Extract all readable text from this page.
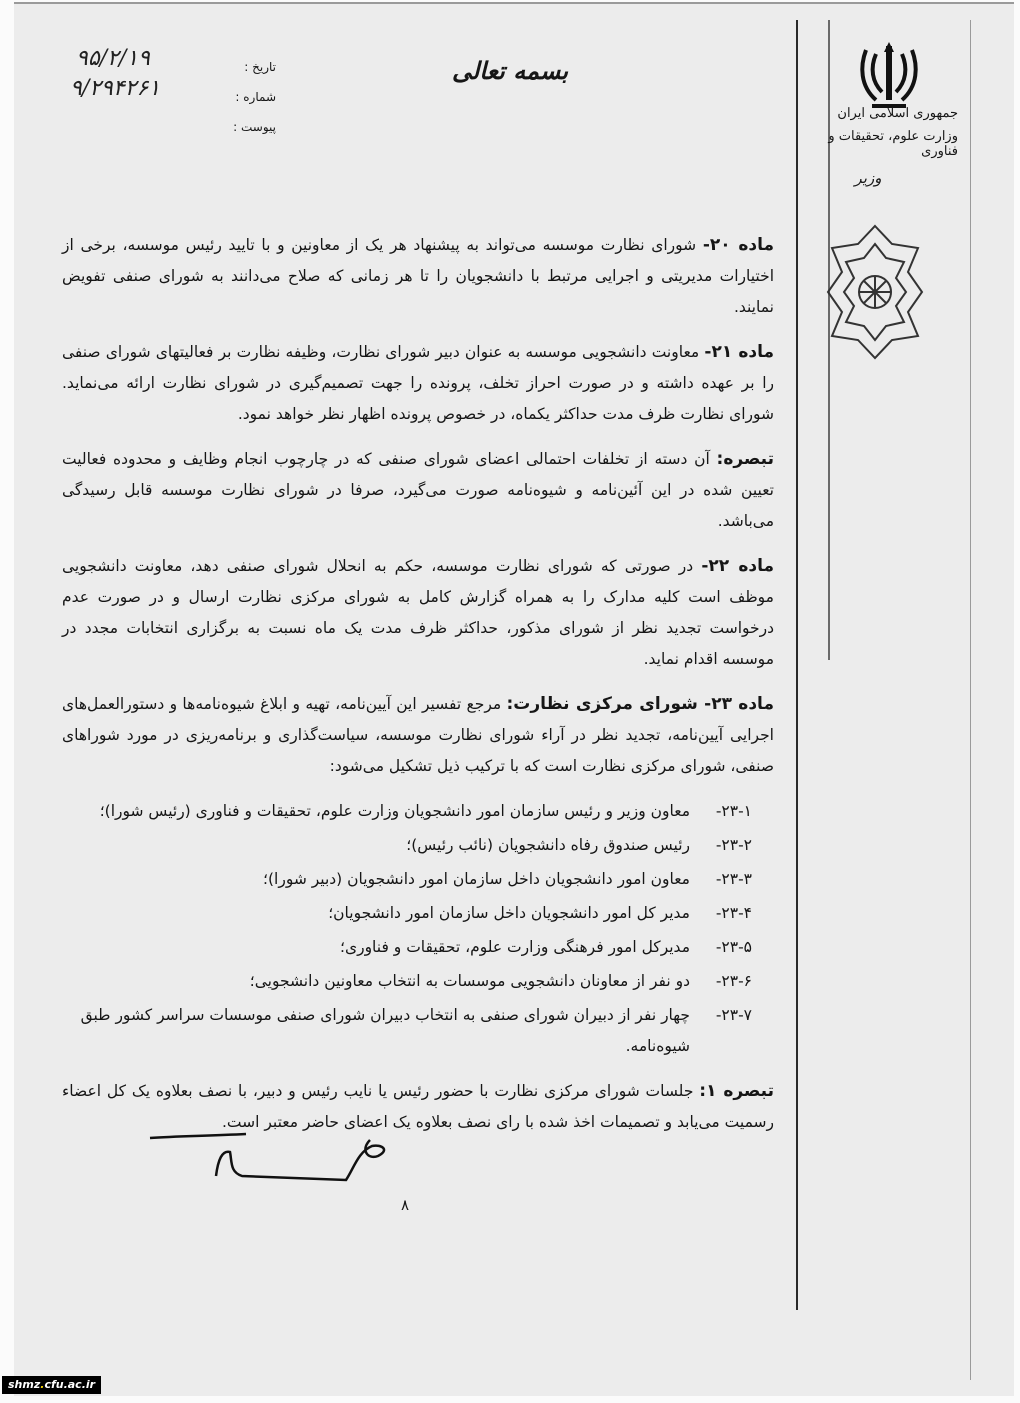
جمهوری اسلامی ایران
وزارت علوم، تحقیقات و فناوری
وزیر
بسمه تعالی
تاریخ :
۹۵/۲/۱۹
شماره :
۹/۲۹۴۲۶۱
پیوست :

ماده ۲۰- شورای نظارت موسسه می‌تواند به پیشنهاد هر یک از معاونین و با تایید رئیس موسسه، برخی از اختیارات مدیریتی و اجرایی مرتبط با دانشجویان را تا هر زمانی که صلاح می‌دانند به شورای صنفی تفویض نمایند.

ماده ۲۱- معاونت دانشجویی موسسه به عنوان دبیر شورای نظارت، وظیفه نظارت بر فعالیتهای شورای صنفی را بر عهده داشته و در صورت احراز تخلف، پرونده را جهت تصمیم‌گیری در شورای نظارت ارائه می‌نماید. شورای نظارت ظرف مدت حداکثر یکماه، در خصوص پرونده اظهار نظر خواهد نمود.

تبصره: آن دسته از تخلفات احتمالی اعضای شورای صنفی که در چارچوب انجام وظایف و محدوده فعالیت تعیین شده در این آئین‌نامه و شیوه‌نامه صورت می‌گیرد، صرفا در شورای نظارت موسسه قابل رسیدگی می‌باشد.

ماده ۲۲- در صورتی که شورای نظارت موسسه، حکم به انحلال شورای صنفی دهد، معاونت دانشجویی موظف است کلیه مدارک را به همراه گزارش کامل به شورای مرکزی نظارت ارسال و در صورت عدم درخواست تجدید نظر از شورای مذکور، حداکثر ظرف مدت یک ماه نسبت به برگزاری انتخابات مجدد در موسسه اقدام نماید.

ماده ۲۳- شورای مرکزی نظارت: مرجع تفسیر این آیین‌نامه، تهیه و ابلاغ شیوه‌نامه‌ها و دستورالعمل‌های اجرایی آیین‌نامه، تجدید نظر در آراء شورای نظارت موسسه، سیاست‌گذاری و برنامه‌ریزی در مورد شوراهای صنفی، شورای مرکزی نظارت است که با ترکیب ذیل تشکیل می‌شود:

۲۳-۱-
معاون وزیر و رئیس سازمان امور دانشجویان وزارت علوم، تحقیقات و فناوری (رئیس شورا)؛
۲۳-۲-
رئیس صندوق رفاه دانشجویان (نائب رئیس)؛
۲۳-۳-
معاون امور دانشجویان داخل سازمان امور دانشجویان (دبیر شورا)؛
۲۳-۴-
مدیر کل امور دانشجویان داخل سازمان امور دانشجویان؛
۲۳-۵-
مدیرکل امور فرهنگی وزارت علوم، تحقیقات و فناوری؛
۲۳-۶-
دو نفر از معاونان دانشجویی موسسات به انتخاب معاونین دانشجویی؛
۲۳-۷-
چهار نفر از دبیران شورای صنفی به انتخاب دبیران شورای صنفی موسسات سراسر کشور طبق شیوه‌نامه.

تبصره ۱: جلسات شورای مرکزی نظارت با حضور رئیس یا نایب رئیس و دبیر، با نصف بعلاوه یک کل اعضاء رسمیت می‌یابد و تصمیمات اخذ شده با رای نصف بعلاوه یک اعضای حاضر معتبر است.

۸
shmz.cfu.ac.ir
